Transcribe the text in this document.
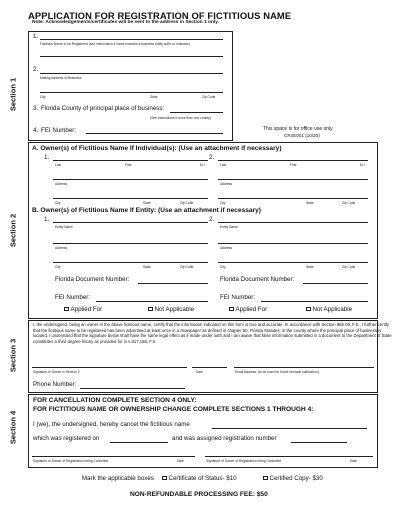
APPLICATION FOR REGISTRATION OF FICTITIOUS NAME
Note: Acknowledgements/certificates will be sent to the address in Section 1 only.
Section 1
1.
Fictitious Name to be Registered (see instructions if name includes a business entity suffix or indicator)
2.
Mailing Address of Business
City	State	Zip Code
3. Florida County of principal place of business:
(See instructions if more than one county)
4. FEI Number:	This space is for office use only
CR4E001 (10/20)
Section 2
A. Owner(s) of Fictitious Name If Individual(s): (Use an attachment if necessary)
1.
Last	First	M.I.
Address
City	State	Zip Code
2.
Last	First	M.I.
Address
City	State	Zip Code
B. Owner(s) of Fictitious Name If Entity: (Use an attachment if necessary)
1.
Entity Name
Address
City	State	Zip Code
Florida Document Number:
FEI Number:
Applied For	Not Applicable
2.
Entity Name
Address
City	State	Zip Code
Florida Document Number:
FEI Number:
Applied For	Not Applicable
Section 3
I, the undersigned, being an owner in the above fictitious name, certify that the information indicated on this form is true and accurate. In accordance with Section 865.09, F.S., I further certify that the fictitious name to be registered has been advertised at least once in a newspaper as defined in chapter 50, Florida Statutes, in the county where the principal place of business is located. I understand that the signature below shall have the same legal effect as if made under oath and I am aware that false information submitted in a document to the Department of State constitutes a third degree felony as provided for in s.817.155, F.S.
Signature of Owner in Section 2	Date	Email Address: (to be used for future renewal notification)
Phone Number:
Section 4
FOR CANCELLATION COMPLETE SECTION 4 ONLY:
FOR FICTITIOUS NAME OR OWNERSHIP CHANGE COMPLETE SECTIONS 1 THROUGH 4:
I (we), the undersigned, hereby cancel the fictitious name
which was registered on	and was assigned registration number
Signature of Owner of Registration being Cancelled	Date	Signature of Owner of Registration being Cancelled	Date
Mark the applicable boxes	Certificate of Status- $10	Certified Copy- $30
NON-REFUNDABLE PROCESSING FEE: $50
